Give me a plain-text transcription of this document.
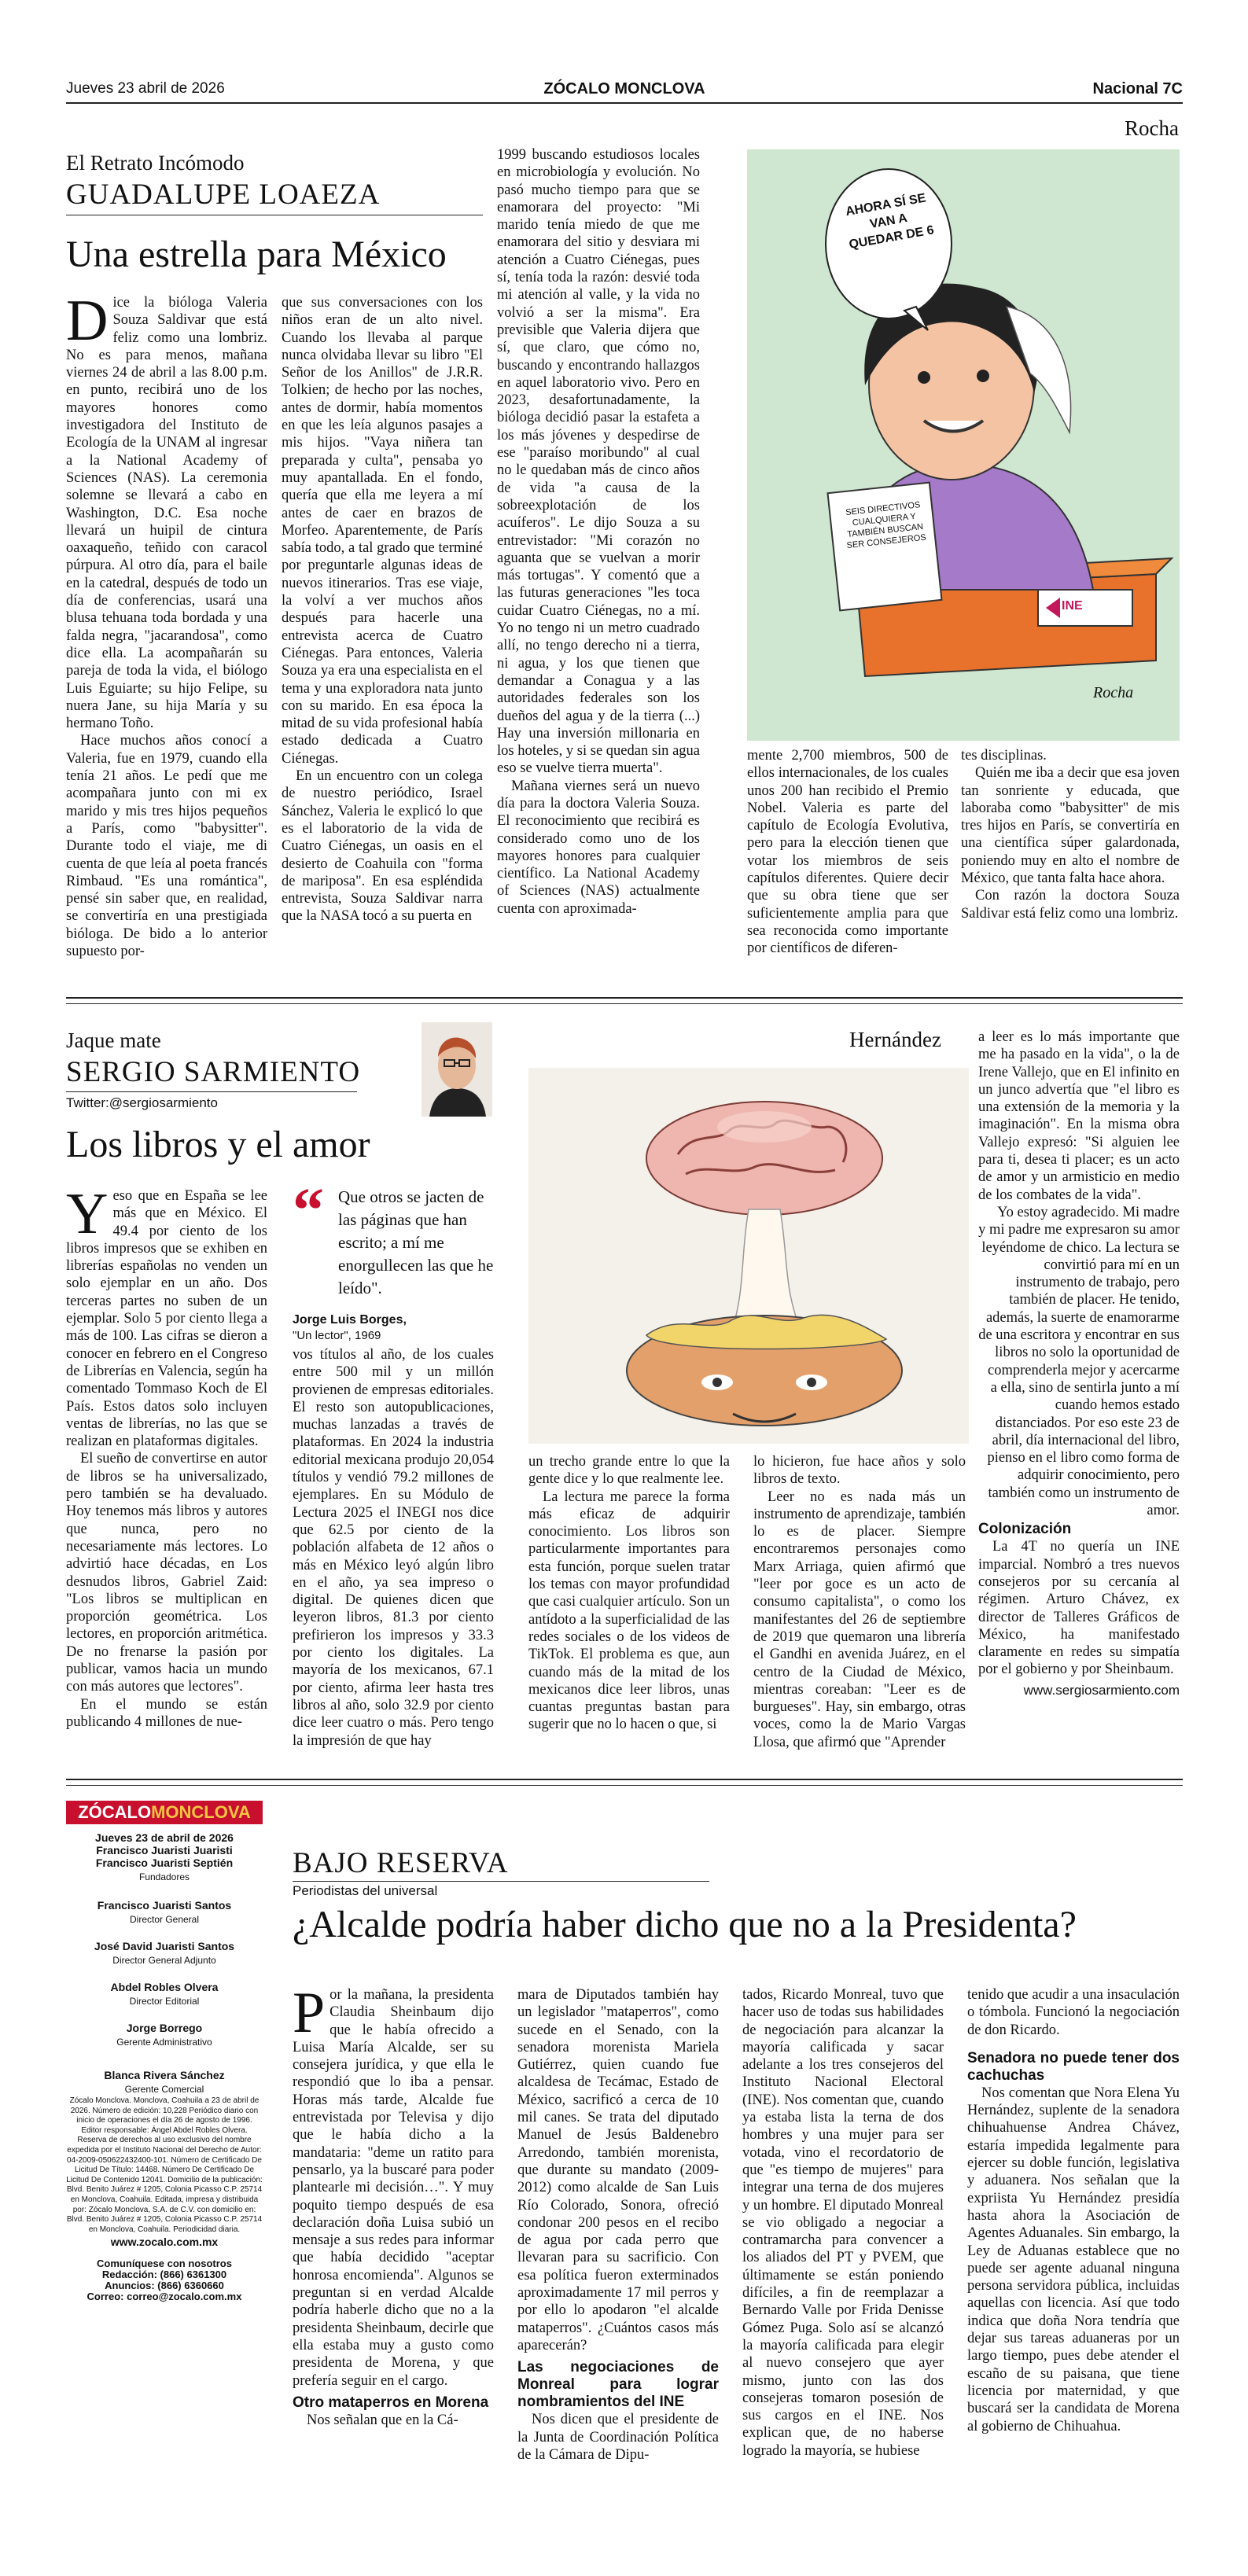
Jueves 23 abril de 2026	ZÓCALO MONCLOVA	Nacional 7C
El Retrato Incómodo
GUADALUPE LOAEZA
Una estrella para México
D ice la bióloga Valeria Souza Saldivar que está feliz como una lombriz. No es para menos, mañana viernes 24 de abril a las 8.00 p.m. en punto, recibirá uno de los mayores honores como investigadora del Instituto de Ecología de la UNAM al ingresar a la National Academy of Sciences (NAS). La ceremonia solemne se llevará a cabo en Washington, D.C. Esa noche llevará un huipil de cintura oaxaqueño, teñido con caracol púrpura. Al otro día, para el baile en la catedral, después de todo un día de conferencias, usará una blusa tehuana toda bordada y una falda negra, "jacarandosa", como dice ella. La acompañarán su pareja de toda la vida, el biólogo Luis Eguiarte; su hijo Felipe, su nuera Jane, su hija María y su hermano Toño.

Hace muchos años conocí a Valeria, fue en 1979, cuando ella tenía 21 años. Le pedí que me acompañara junto con mi ex marido y mis tres hijos pequeños a París, como "babysitter". Durante todo el viaje, me di cuenta de que leía al poeta francés Rimbaud. "Es una romántica", pensé sin saber que, en realidad, se convertiría en una prestigiada bióloga. De bido a lo anterior supuesto por-

que sus conversaciones con los niños eran de un alto nivel. Cuando los llevaba al parque nunca olvidaba llevar su libro "El Señor de los Anillos" de J.R.R. Tolkien; de hecho por las noches, antes de dormir, había momentos en que les leía algunos pasajes a mis hijos. "Vaya niñera tan preparada y culta", pensaba yo muy apantallada. En el fondo, quería que ella me leyera a mí antes de caer en brazos de Morfeo. Aparentemente, de París sabía todo, a tal grado que terminé por preguntarle algunas ideas de nuevos itinerarios. Tras ese viaje, la volví a ver muchos años después para hacerle una entrevista acerca de Cuatro Ciénegas. Para entonces, Valeria Souza ya era una especialista en el tema y una exploradora nata junto con su marido. En esa época la mitad de su vida profesional había estado dedicada a Cuatro Ciénegas.

En un encuentro con un colega de nuestro periódico, Israel Sánchez, Valeria le explicó lo que es el laboratorio de la vida de Cuatro Ciénegas, un oasis en el desierto de Coahuila con "forma de mariposa". En esa espléndida entrevista, Souza Saldivar narra que la NASA tocó a su puerta en

1999 buscando estudiosos locales en microbiología y evolución. No pasó mucho tiempo para que se enamorara del proyecto: "Mi marido tenía miedo de que me enamorara del sitio y desviara mi atención a Cuatro Ciénegas, pues sí, tenía toda la razón: desvié toda mi atención al valle, y la vida no volvió a ser la misma". Era previsible que Valeria dijera que sí, que claro, que cómo no, buscando y encontrando hallazgos en aquel laboratorio vivo. Pero en 2023, desafortunadamente, la bióloga decidió pasar la estafeta a los más jóvenes y despedirse de ese "paraíso moribundo" al cual no le quedaban más de cinco años de vida "a causa de la sobreexplotación de los acuíferos". Le dijo Souza a su entrevistador: "Mi corazón no aguanta que se vuelvan a morir más tortugas". Y comentó que a las futuras generaciones "les toca cuidar Cuatro Ciénegas, no a mí. Yo no tengo ni un metro cuadrado allí, no tengo derecho ni a tierra, ni agua, y los que tienen que demandar a Conagua y a las autoridades federales son los dueños del agua y de la tierra (...) Hay una inversión millonaria en los hoteles, y si se quedan sin agua eso se vuelve tierra muerta".

Mañana viernes será un nuevo día para la doctora Valeria Souza. El reconocimiento que recibirá es considerado como uno de los mayores honores para cualquier científico. La National Academy of Sciences (NAS) actualmente cuenta con aproximada-

mente 2,700 miembros, 500 de ellos internacionales, de los cuales unos 200 han recibido el Premio Nobel. Valeria es parte del capítulo de Ecología Evolutiva, pero para la elección tienen que votar los miembros de seis capítulos diferentes. Quiere decir que su obra tiene que ser suficientemente amplia para que sea reconocida como importante por científicos de diferen-

tes disciplinas.

Quién me iba a decir que esa joven tan sonriente y educada, que laboraba como "babysitter" de mis tres hijos en París, se convertiría en una científica súper galardonada, poniendo muy en alto el nombre de México, que tanta falta hace ahora.

Con razón la doctora Souza Saldivar está feliz como una lombriz.

Rocha
AHORA SÍ SE VAN A QUEDAR DE 6
SEIS DIRECTIVOS CUALQUIERA Y TAMBIÉN BUSCAN SER CONSEJEROS
INE
Rocha
Jaque mate
SERGIO SARMIENTO
Twitter:@sergiosarmiento
Los libros y el amor
Y eso que en España se lee más que en México. El 49.4 por ciento de los libros impresos que se exhiben en librerías españolas no venden un solo ejemplar en un año. Dos terceras partes no suben de un ejemplar. Solo 5 por ciento llega a más de 100. Las cifras se dieron a conocer en febrero en el Congreso de Librerías en Valencia, según ha comentado Tommaso Koch de El País. Estos datos solo incluyen ventas de librerías, no las que se realizan en plataformas digitales.

El sueño de convertirse en autor de libros se ha universalizado, pero también se ha devaluado. Hoy tenemos más libros y autores que nunca, pero no necesariamente más lectores. Lo advirtió hace décadas, en Los desnudos libros, Gabriel Zaid: "Los libros se multiplican en proporción geométrica. Los lectores, en proporción aritmética. De no frenarse la pasión por publicar, vamos hacia un mundo con más autores que lectores".

En el mundo se están publicando 4 millones de nue-

“ Que otros se jacten de las páginas que han escrito; a mí me enorgullecen las que he leído".
Jorge Luis Borges,
"Un lector", 1969

vos títulos al año, de los cuales entre 500 mil y un millón provienen de empresas editoriales. El resto son autopublicaciones, muchas lanzadas a través de plataformas. En 2024 la industria editorial mexicana produjo 20,054 títulos y vendió 79.2 millones de ejemplares. En su Módulo de Lectura 2025 el INEGI nos dice que 62.5 por ciento de la población alfabeta de 12 años o más en México leyó algún libro en el año, ya sea impreso o digital. De quienes dicen que leyeron libros, 81.3 por ciento prefirieron los impresos y 33.3 por ciento los digitales. La mayoría de los mexicanos, 67.1 por ciento, afirma leer hasta tres libros al año, solo 32.9 por ciento dice leer cuatro o más. Pero tengo la impresión de que hay

Hernández

un trecho grande entre lo que la gente dice y lo que realmente lee.

La lectura me parece la forma más eficaz de adquirir conocimiento. Los libros son particularmente importantes para esta función, porque suelen tratar los temas con mayor profundidad que casi cualquier artículo. Son un antídoto a la superficialidad de las redes sociales o de los videos de TikTok. El problema es que, aun cuando más de la mitad de los mexicanos dice leer libros, unas cuantas preguntas bastan para sugerir que no lo hacen o que, si

lo hicieron, fue hace años y solo libros de texto.

Leer no es nada más un instrumento de aprendizaje, también lo es de placer. Siempre encontraremos personajes como Marx Arriaga, quien afirmó que "leer por goce es un acto de consumo capitalista", o como los manifestantes del 26 de septiembre de 2019 que quemaron una librería el Gandhi en avenida Juárez, en el centro de la Ciudad de México, mientras coreaban: "Leer es de burgueses". Hay, sin embargo, otras voces, como la de Mario Vargas Llosa, que afirmó que "Aprender

a leer es lo más importante que me ha pasado en la vida", o la de Irene Vallejo, que en El infinito en un junco advertía que "el libro es una extensión de la memoria y la imaginación". En la misma obra Vallejo expresó: "Si alguien lee para ti, desea ti placer; es un acto de amor y un armisticio en medio de los combates de la vida".

Yo estoy agradecido. Mi madre y mi padre me expresaron su amor leyéndome de chico. La lectura se convirtió para mí en un instrumento de trabajo, pero también de placer. He tenido, además, la suerte de enamorarme de una escritora y encontrar en sus libros no solo la oportunidad de comprenderla mejor y acercarme a ella, sino de sentirla junto a mí cuando hemos estado distanciados. Por eso este 23 de abril, día internacional del libro, pienso en el libro como forma de adquirir conocimiento, pero también como un instrumento de amor.

Colonización

La 4T no quería un INE imparcial. Nombró a tres nuevos consejeros por su cercanía al régimen. Arturo Chávez, ex director de Talleres Gráficos de México, ha manifestado claramente en redes su simpatía por el gobierno y por Sheinbaum.

www.sergiosarmiento.com
ZÓCALOMONCLOVA
Jueves 23 de abril de 2026
Francisco Juaristi Juaristi
Francisco Juaristi Septién
Fundadores
Francisco Juaristi Santos
Director General
José David Juaristi Santos
Director General Adjunto
Abdel Robles Olvera
Director Editorial
Jorge Borrego
Gerente Administrativo
Blanca Rivera Sánchez
Gerente Comercial
Zócalo Monclova. Monclova, Coahuila a 23 de abril de 2026. Número de edición: 10,228 Periódico diario con inicio de operaciones el día 26 de agosto de 1996. Editor responsable: Ángel Abdel Robles Olvera. Reserva de derechos al uso exclusivo del nombre expedida por el Instituto Nacional del Derecho de Autor: 04-2009-050622432400-101. Número de Certificado De Licitud De Título: 14468. Número De Certificado De Licitud De Contenido 12041. Domicilio de la publicación: Blvd. Benito Juárez # 1205, Colonia Picasso C.P. 25714 en Monclova, Coahuila. Editada, impresa y distribuida por: Zócalo Monclova, S.A. de C.V. con domicilio en: Blvd. Benito Juárez # 1205, Colonia Picasso C.P. 25714 en Monclova, Coahuila. Periodicidad diaria.
www.zocalo.com.mx
Comuníquese con nosotros
Redacción: (866) 6361300
Anuncios: (866) 6360660
Correo: correo@zocalo.com.mx
BAJO RESERVA
Periodistas del universal
¿Alcalde podría haber dicho que no a la Presidenta?
P or la mañana, la presidenta Claudia Sheinbaum dijo que le había ofrecido a Luisa María Alcalde, ser su consejera jurídica, y que ella le respondió que lo iba a pensar. Horas más tarde, Alcalde fue entrevistada por Televisa y dijo que le había dicho a la mandataria: "deme un ratito para pensarlo, ya la buscaré para poder plantearle mi decisión…". Y muy poquito tiempo después de esa declaración doña Luisa subió un mensaje a sus redes para informar que había decidido "aceptar honrosa encomienda". Algunos se preguntan si en verdad Alcalde podría haberle dicho que no a la presidenta Sheinbaum, decirle que ella estaba muy a gusto como presidenta de Morena, y que prefería seguir en el cargo.

Otro mataperros en Morena

Nos señalan que en la Cá-

mara de Diputados también hay un legislador "mataperros", como sucede en el Senado, con la senadora morenista Mariela Gutiérrez, quien cuando fue alcaldesa de Tecámac, Estado de México, sacrificó a cerca de 10 mil canes. Se trata del diputado Manuel de Jesús Baldenebro Arredondo, también morenista, que durante su mandato (2009-2012) como alcalde de San Luis Río Colorado, Sonora, ofreció condonar 200 pesos en el recibo de agua por cada perro que llevaran para su sacrificio. Con esa política fueron exterminados aproximadamente 17 mil perros y por ello lo apodaron "el alcalde mataperros". ¿Cuántos casos más aparecerán?

Las negociaciones de Monreal para lograr nombramientos del INE

Nos dicen que el presidente de la Junta de Coordinación Política de la Cámara de Dipu-

tados, Ricardo Monreal, tuvo que hacer uso de todas sus habilidades de negociación para alcanzar la mayoría calificada y sacar adelante a los tres consejeros del Instituto Nacional Electoral (INE). Nos comentan que, cuando ya estaba lista la terna de dos hombres y una mujer para ser votada, vino el recordatorio de que "es tiempo de mujeres" para integrar una terna de dos mujeres y un hombre. El diputado Monreal se vio obligado a negociar a contramarcha para convencer a los aliados del PT y PVEM, que últimamente se están poniendo difíciles, a fin de reemplazar a Bernardo Valle por Frida Denisse Gómez Puga. Solo así se alcanzó la mayoría calificada para elegir al nuevo consejero que ayer mismo, junto con las dos consejeras tomaron posesión de sus cargos en el INE. Nos explican que, de no haberse logrado la mayoría, se hubiese

tenido que acudir a una insaculación o tómbola. Funcionó la negociación de don Ricardo.

Senadora no puede tener dos cachuchas

Nos comentan que Nora Elena Yu Hernández, suplente de la senadora chihuahuense Andrea Chávez, estaría impedida legalmente para ejercer su doble función, legislativa y aduanera. Nos señalan que la expriista Yu Hernández presidía hasta ahora la Asociación de Agentes Aduanales. Sin embargo, la Ley de Aduanas establece que no puede ser agente aduanal ninguna persona servidora pública, incluidas aquellas con licencia. Así que todo indica que doña Nora tendría que dejar sus tareas aduaneras por un largo tiempo, pues debe atender el escaño de su paisana, que tiene licencia por maternidad, y que buscará ser la candidata de Morena al gobierno de Chihuahua.
